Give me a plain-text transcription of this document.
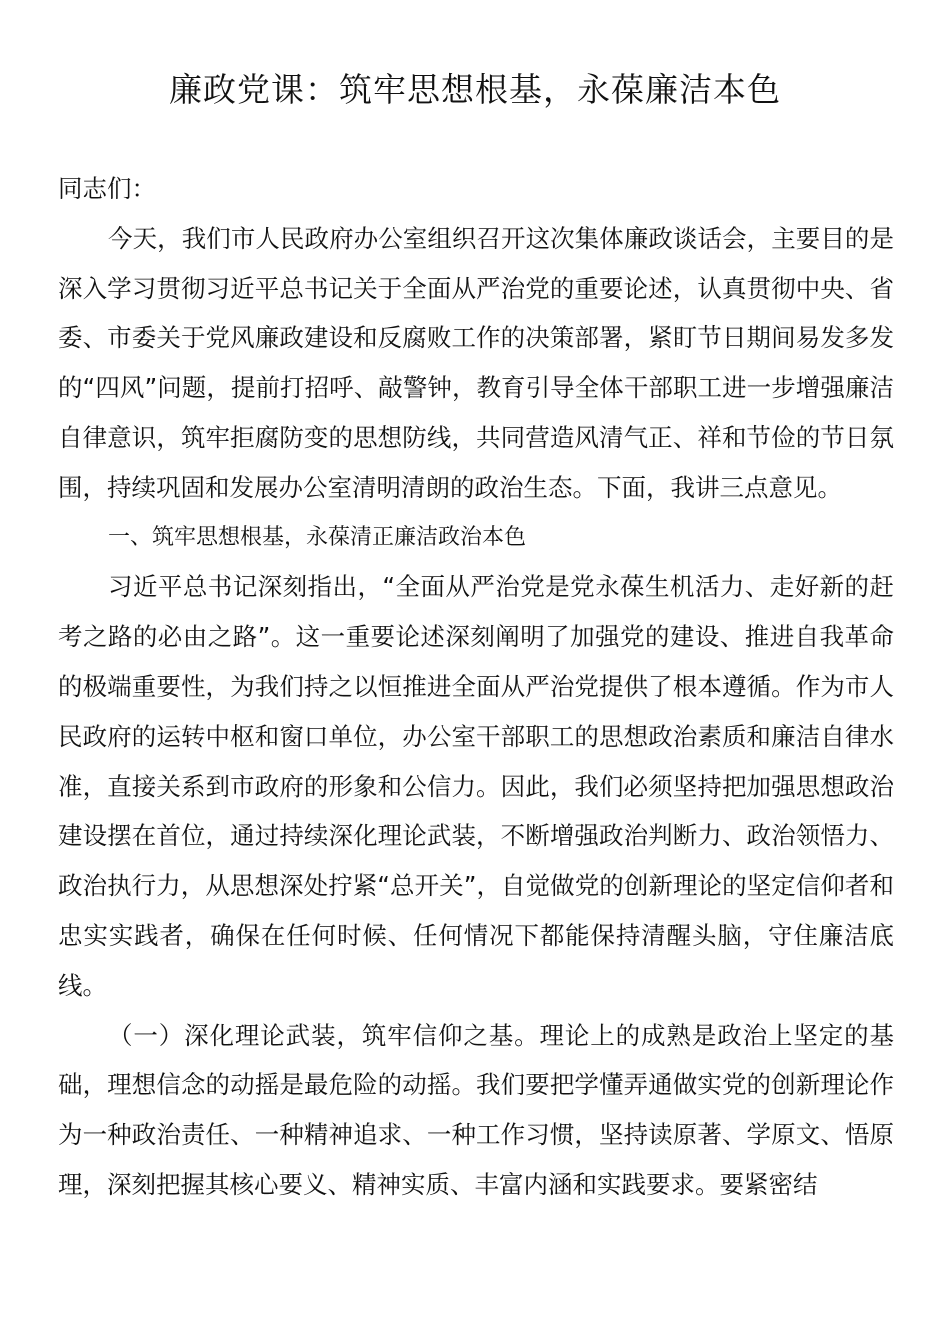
廉政党课：筑牢思想根基，永葆廉洁本色

同志们：

今天，我们市人民政府办公室组织召开这次集体廉政谈话会，主要目的是深入学习贯彻习近平总书记关于全面从严治党的重要论述，认真贯彻中央、省委、市委关于党风廉政建设和反腐败工作的决策部署，紧盯节日期间易发多发的“四风”问题，提前打招呼、敲警钟，教育引导全体干部职工进一步增强廉洁自律意识，筑牢拒腐防变的思想防线，共同营造风清气正、祥和节俭的节日氛围，持续巩固和发展办公室清明清朗的政治生态。下面，我讲三点意见。

一、筑牢思想根基，永葆清正廉洁政治本色

习近平总书记深刻指出，“全面从严治党是党永葆生机活力、走好新的赶考之路的必由之路”。这一重要论述深刻阐明了加强党的建设、推进自我革命的极端重要性，为我们持之以恒推进全面从严治党提供了根本遵循。作为市人民政府的运转中枢和窗口单位，办公室干部职工的思想政治素质和廉洁自律水准，直接关系到市政府的形象和公信力。因此，我们必须坚持把加强思想政治建设摆在首位，通过持续深化理论武装，不断增强政治判断力、政治领悟力、政治执行力，从思想深处拧紧“总开关”，自觉做党的创新理论的坚定信仰者和忠实实践者，确保在任何时候、任何情况下都能保持清醒头脑，守住廉洁底线。

（一）深化理论武装，筑牢信仰之基。理论上的成熟是政治上坚定的基础，理想信念的动摇是最危险的动摇。我们要把学懂弄通做实党的创新理论作为一种政治责任、一种精神追求、一种工作习惯，坚持读原著、学原文、悟原理，深刻把握其核心要义、精神实质、丰富内涵和实践要求。要紧密结
